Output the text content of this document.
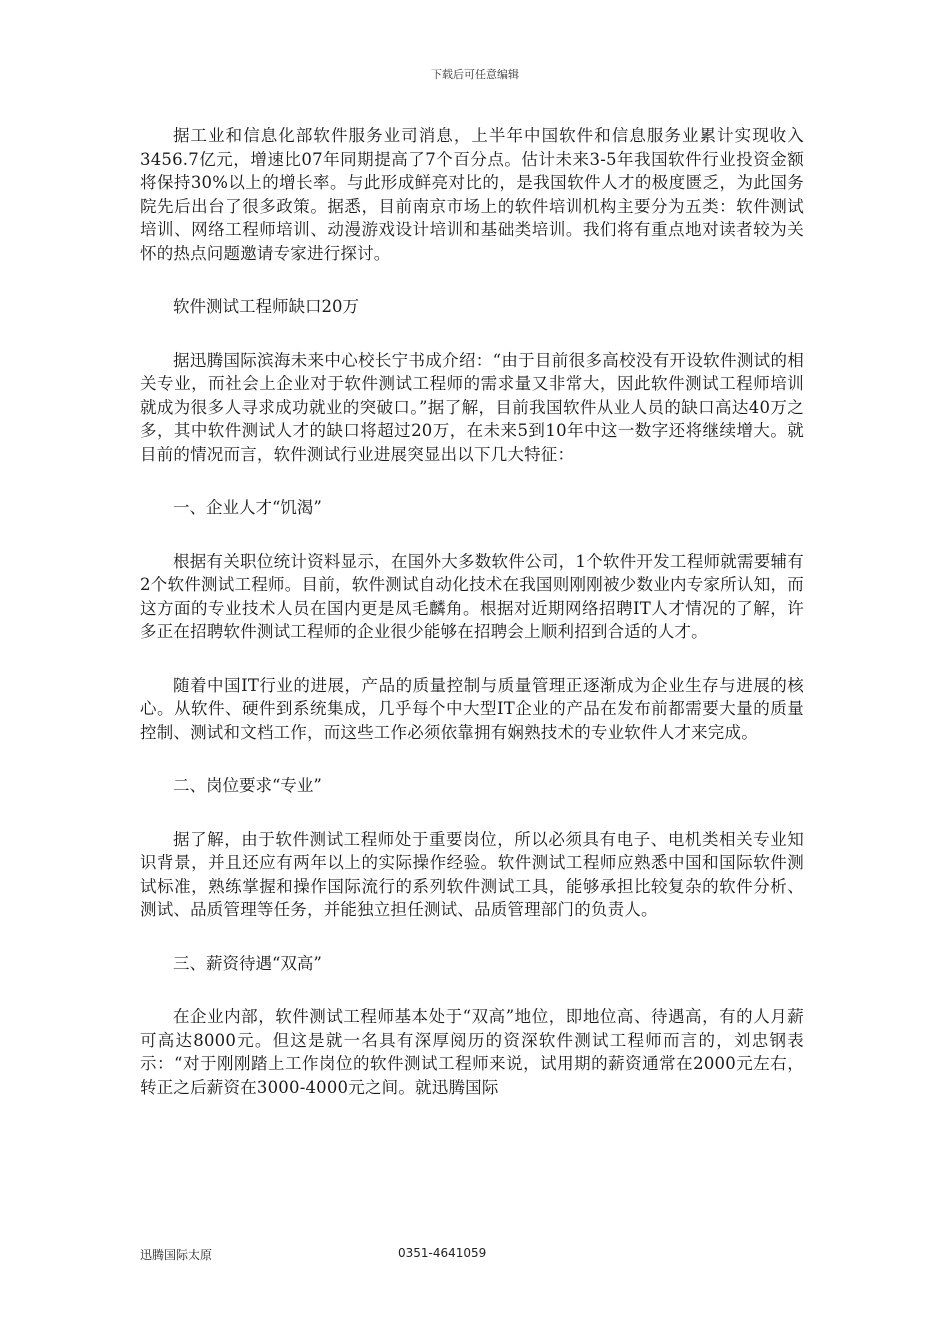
下载后可任意编辑

据工业和信息化部软件服务业司消息，上半年中国软件和信息服务业累计实现收入3456.7亿元，增速比07年同期提高了7个百分点。估计未来3-5年我国软件行业投资金额将保持30%以上的增长率。与此形成鲜亮对比的，是我国软件人才的极度匮乏，为此国务院先后出台了很多政策。据悉，目前南京市场上的软件培训机构主要分为五类：软件测试培训、网络工程师培训、动漫游戏设计培训和基础类培训。我们将有重点地对读者较为关怀的热点问题邀请专家进行探讨。

软件测试工程师缺口20万

据迅腾国际滨海未来中心校长宁书成介绍：“由于目前很多高校没有开设软件测试的相关专业，而社会上企业对于软件测试工程师的需求量又非常大，因此软件测试工程师培训就成为很多人寻求成功就业的突破口。”据了解，目前我国软件从业人员的缺口高达40万之多，其中软件测试人才的缺口将超过20万，在未来5到10年中这一数字还将继续增大。就目前的情况而言，软件测试行业进展突显出以下几大特征：

一、企业人才“饥渴”

根据有关职位统计资料显示，在国外大多数软件公司，1个软件开发工程师就需要辅有2个软件测试工程师。目前，软件测试自动化技术在我国则刚刚被少数业内专家所认知，而这方面的专业技术人员在国内更是凤毛麟角。根据对近期网络招聘IT人才情况的了解，许多正在招聘软件测试工程师的企业很少能够在招聘会上顺利招到合适的人才。

随着中国IT行业的进展，产品的质量控制与质量管理正逐渐成为企业生存与进展的核心。从软件、硬件到系统集成，几乎每个中大型IT企业的产品在发布前都需要大量的质量控制、测试和文档工作，而这些工作必须依靠拥有娴熟技术的专业软件人才来完成。

二、岗位要求“专业”

据了解，由于软件测试工程师处于重要岗位，所以必须具有电子、电机类相关专业知识背景，并且还应有两年以上的实际操作经验。软件测试工程师应熟悉中国和国际软件测试标准，熟练掌握和操作国际流行的系列软件测试工具，能够承担比较复杂的软件分析、测试、品质管理等任务，并能独立担任测试、品质管理部门的负责人。

三、薪资待遇“双高”

在企业内部，软件测试工程师基本处于“双高”地位，即地位高、待遇高，有的人月薪可高达8000元。但这是就一名具有深厚阅历的资深软件测试工程师而言的，刘忠钢表示：“对于刚刚踏上工作岗位的软件测试工程师来说，试用期的薪资通常在2000元左右，转正之后薪资在3000-4000元之间。就迅腾国际

迅腾国际太原	0351-4641059
